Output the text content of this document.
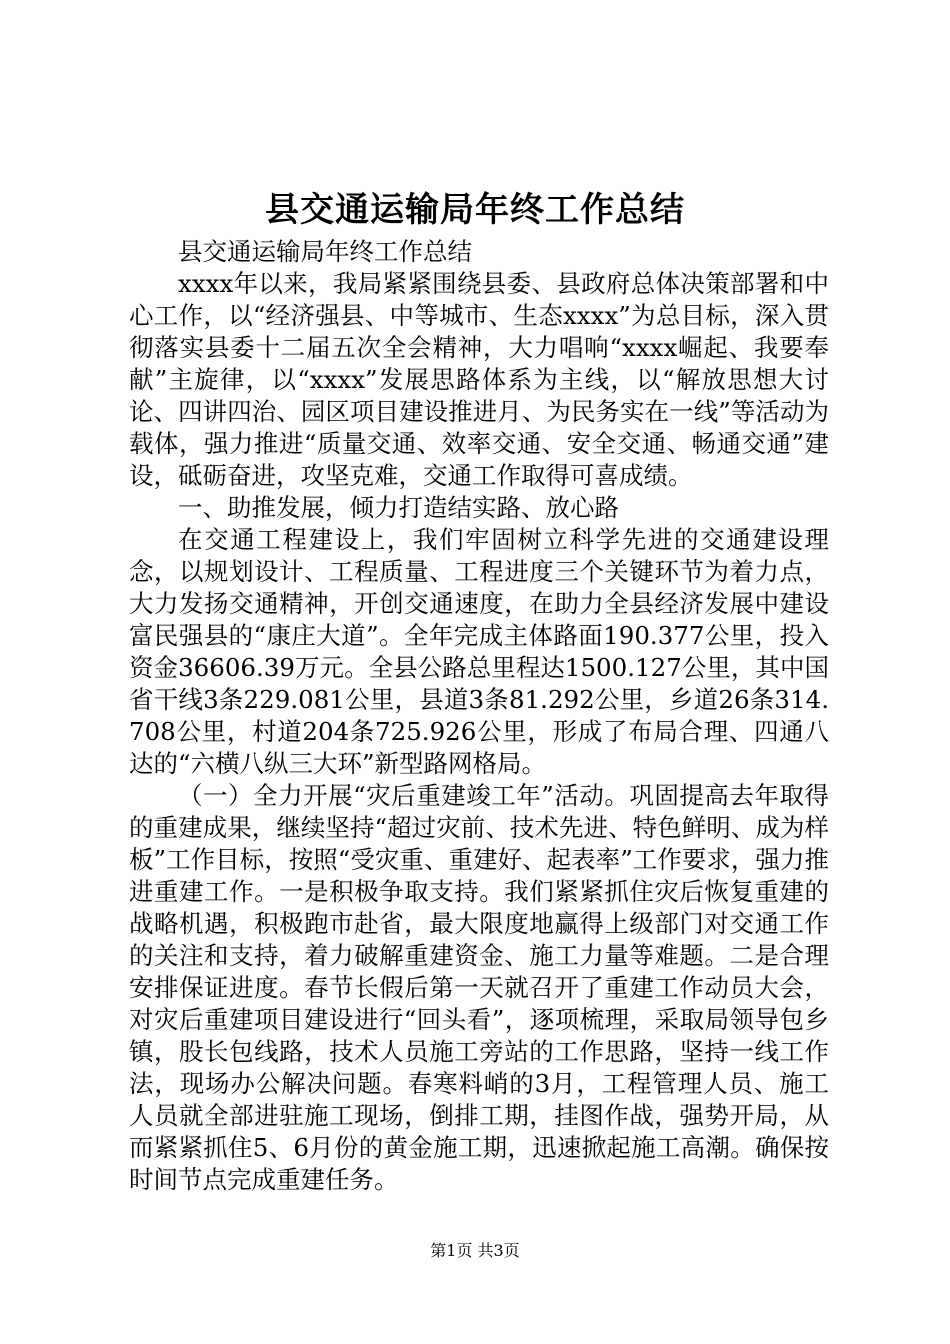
县交通运输局年终工作总结

县交通运输局年终工作总结

xxxx年以来，我局紧紧围绕县委、县政府总体决策部署和中心工作，以“经济强县、中等城市、生态xxxx”为总目标，深入贯彻落实县委十二届五次全会精神，大力唱响“xxxx崛起、我要奉献”主旋律，以“xxxx”发展思路体系为主线，以“解放思想大讨论、四讲四治、园区项目建设推进月、为民务实在一线”等活动为载体，强力推进“质量交通、效率交通、安全交通、畅通交通”建设，砥砺奋进，攻坚克难，交通工作取得可喜成绩。

一、助推发展，倾力打造结实路、放心路

在交通工程建设上，我们牢固树立科学先进的交通建设理念，以规划设计、工程质量、工程进度三个关键环节为着力点，大力发扬交通精神，开创交通速度，在助力全县经济发展中建设富民强县的“康庄大道”。全年完成主体路面190.377公里，投入资金36606.39万元。全县公路总里程达1500.127公里，其中国省干线3条229.081公里，县道3条81.292公里，乡道26条314.708公里，村道204条725.926公里，形成了布局合理、四通八达的“六横八纵三大环”新型路网格局。

（一）全力开展“灾后重建竣工年”活动。巩固提高去年取得的重建成果，继续坚持“超过灾前、技术先进、特色鲜明、成为样板”工作目标，按照“受灾重、重建好、起表率”工作要求，强力推进重建工作。一是积极争取支持。我们紧紧抓住灾后恢复重建的战略机遇，积极跑市赴省，最大限度地赢得上级部门对交通工作的关注和支持，着力破解重建资金、施工力量等难题。二是合理安排保证进度。春节长假后第一天就召开了重建工作动员大会，对灾后重建项目建设进行“回头看”，逐项梳理，采取局领导包乡镇，股长包线路，技术人员施工旁站的工作思路，坚持一线工作法，现场办公解决问题。春寒料峭的3月，工程管理人员、施工人员就全部进驻施工现场，倒排工期，挂图作战，强势开局，从而紧紧抓住5、6月份的黄金施工期，迅速掀起施工高潮。确保按时间节点完成重建任务。

第1页 共3页
